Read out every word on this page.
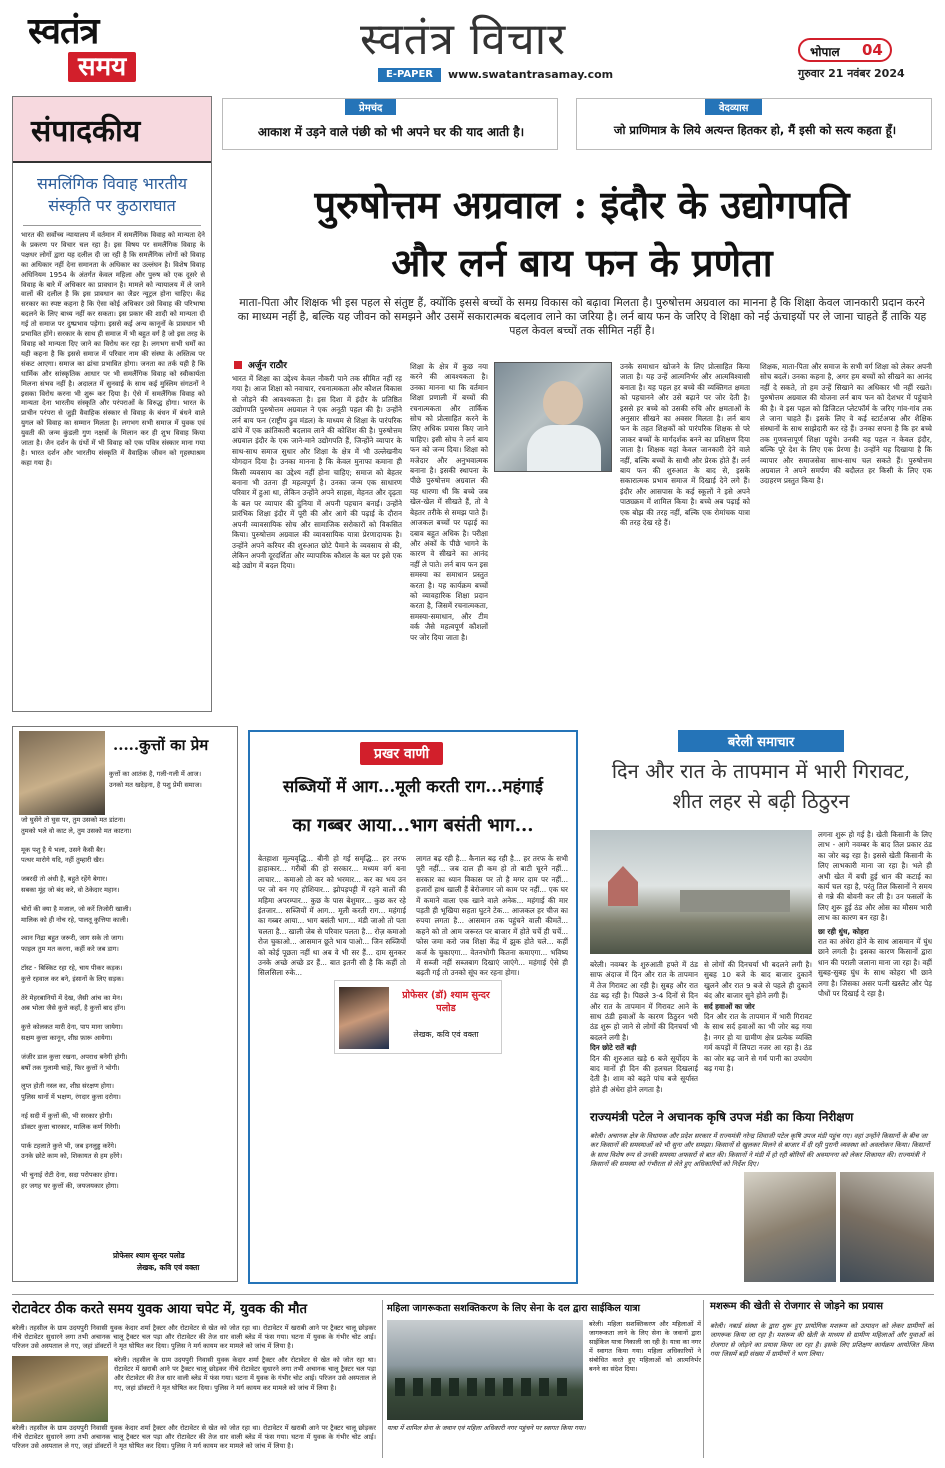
स्वतंत्र
समय
स्वतंत्र विचार
E-PAPER	www.swatantrasamay.com
भोपाल 04
गुरुवार 21 नवंबर 2024
संपादकीय
समलिंगिक विवाह भारतीय संस्कृति पर कुठाराघात
भारत की सर्वोच्च न्यायालय में वर्तमान में समलैंगिक विवाह को मान्यता देने के प्रकरण पर विचार चल रहा है। इस विषय पर समलैंगिक विवाह के पक्षधर लोगों द्वारा यह दलील दी जा रही है कि समलैंगिक लोगों को विवाह का अधिकार नहीं देना समानता के अधिकार का उल्लंघन है। विशेष विवाह अधिनियम 1954 के अंतर्गत केवल महिला और पुरुष को एक दूसरे से विवाह के बारे में अधिकार का प्रावधान है। मामले को न्यायालय में ले जाने वालों की दलील है कि इस प्रावधान का जैडर न्यूट्रल होना चाहिए। केंद्र सरकार का स्पष्ट कहना है कि ऐसा कोई अधिकार उसे विवाह की परिभाषा बदलने के लिए बाध्य नहीं कर सकता। इस प्रकार की शादी को मान्यता दी गई तो समाज पर दुष्प्रभाव पड़ेगा। इससे कई अन्य कानूनों के प्रावधान भी प्रभावित होंगे। सरकार के साथ ही समाज में भी बहुत वर्ग है जो इस तरह के विवाह को मान्यता दिए जाने का विरोध कर रहा है। लगभग सभी धर्मों का यही कहना है कि इससे समाज में परिवार नाम की संस्था के अस्तित्व पर संकट आएगा। समाज का ढांचा प्रभावित होगा। जनता का तर्क यही है कि धार्मिक और सांस्कृतिक आधार पर भी समलैंगिक विवाह को स्वीकार्यता मिलना संभव नहीं है। अदालत में सुनवाई के साथ कई मुस्लिम संगठनों ने इसका विरोध करना भी शुरू कर दिया है। ऐसे में समलैंगिक विवाह को मान्यता देना भारतीय संस्कृति और परंपराओं के विरुद्ध होगा। भारत के प्राचीन परंपरा से जुड़ी वैवाहिक संस्कार से विवाह के बंधन में बंधने वाले युगल को विवाह का सम्मान मिलता है। लगभग सभी समाज में युवक एवं युवती की जन्म कुंडली गुण नक्षत्रों के मिलान कर ही शुभ विवाह किया जाता है। जैन दर्शन के ग्रंथों में भी विवाह को एक पवित्र संस्कार माना गया है। भारत दर्शन और भारतीय संस्कृति में वैवाहिक जीवन को गृहस्थाश्रम कहा गया है।
प्रेमचंद
आकाश में उड़ने वाले पंछी को भी अपने घर की याद आती है।
वेदव्यास
जो प्राणिमात्र के लिये अत्यन्त हितकर हो, मैं इसी को सत्य कहता हूँ।
पुरुषोत्तम अग्रवाल : इंदौर के उद्योगपति
और लर्न बाय फन के प्रणेता
माता-पिता और शिक्षक भी इस पहल से संतुष्ट हैं, क्योंकि इससे बच्चों के समग्र विकास को बढ़ावा मिलता है। पुरुषोत्तम अग्रवाल का मानना है कि शिक्षा केवल जानकारी प्रदान करने का माध्यम नहीं है, बल्कि यह जीवन को समझने और उसमें सकारात्मक बदलाव लाने का जरिया है। लर्न बाय फन के जरिए वे शिक्षा को नई ऊंचाइयों पर ले जाना चाहते हैं ताकि यह पहल केवल बच्चों तक सीमित नहीं है।
अर्जुन राठौर
भारत में शिक्षा का उद्देश्य केवल नौकरी पाने तक सीमित नहीं रह गया है। आज शिक्षा को नवाचार, रचनात्मकता और कौशल विकास से जोड़ने की आवश्यकता है। इस दिशा में इंदौर के प्रतिष्ठित उद्योगपति पुरुषोत्तम अग्रवाल ने एक अनूठी पहल की है। उन्होंने लर्न बाय फन (राष्ट्रीय ढ्रुव मंडल) के माध्यम से शिक्षा के पारंपरिक ढांचे में एक क्रांतिकारी बदलाव लाने की कोशिश की है। पुरुषोत्तम अग्रवाल इंदौर के एक जाने-माने उद्योगपति हैं, जिन्होंने व्यापार के साथ-साथ समाज सुधार और शिक्षा के क्षेत्र में भी उल्लेखनीय योगदान दिया है। उनका मानना है कि केवल मुनाफा कमाना ही किसी व्यवसाय का उद्देश्य नहीं होना चाहिए; समाज को बेहतर बनाना भी उतना ही महत्वपूर्ण है। उनका जन्म एक साधारण परिवार में हुआ था, लेकिन उन्होंने अपने साहस, मेहनत और दृढ़ता के बल पर व्यापार की दुनिया में अपनी पहचान बनाई। उन्होंने प्रारंभिक शिक्षा इंदौर में पूरी की और आगे की पढ़ाई के दौरान अपनी व्यावसायिक सोच और सामाजिक सरोकारों को विकसित किया। पुरुषोत्तम अग्रवाल की व्यावसायिक यात्रा प्रेरणादायक है। उन्होंने अपने करियर की शुरुआत छोटे पैमाने के व्यवसाय से की, लेकिन अपनी दूरदर्शिता और व्यापारिक कौशल के बल पर इसे एक बड़े उद्योग में बदल दिया।
शिक्षा के क्षेत्र में कुछ नया करने की आवश्यकता है। उनका मानना था कि वर्तमान शिक्षा प्रणाली में बच्चों की रचनात्मकता और तार्किक सोच को प्रोत्साहित करने के लिए अधिक प्रयास किए जाने चाहिए। इसी सोच ने लर्न बाय फन को जन्म दिया। शिक्षा को मजेदार और अनुभवात्मक बनाना है। इसकी स्थापना के पीछे पुरुषोत्तम अग्रवाल की यह धारणा थी कि बच्चे जब खेल-खेल में सीखते हैं, तो वे बेहतर तरीके से समझ पाते हैं। आजकल बच्चों पर पढ़ाई का दबाव बहुत अधिक है। परीक्षा और अंकों के पीछे भागने के कारण वे सीखने का आनंद नहीं ले पाते। लर्न बाय फन इस समस्या का समाधान प्रस्तुत करता है। यह कार्यक्रम बच्चों को व्यावहारिक शिक्षा प्रदान करता है, जिसमें रचनात्मकता, समस्या-समाधान, और टीम वर्क जैसे महत्वपूर्ण कौशलों पर जोर दिया जाता है।
उनके समाधान खोजने के लिए प्रोत्साहित किया जाता है। यह उन्हें आत्मनिर्भर और आत्मविश्वासी बनाता है। यह पहल हर बच्चे की व्यक्तिगत क्षमता को पहचानने और उसे बढ़ाने पर जोर देती है। इससे हर बच्चे को उसकी रुचि और क्षमताओं के अनुसार सीखने का अवसर मिलता है। लर्न बाय फन के तहत शिक्षकों को पारंपरिक शिक्षक से परे जाकर बच्चों के मार्गदर्शक बनने का प्रशिक्षण दिया जाता है। शिक्षक यहां केवल जानकारी देने वाले नहीं, बल्कि बच्चों के साथी और प्रेरक होते हैं। लर्न बाय फन की शुरुआत के बाद से, इसके सकारात्मक प्रभाव समाज में दिखाई देने लगे हैं। इंदौर और आसपास के कई स्कूलों ने इसे अपने पाठ्यक्रम में शामिल किया है। बच्चे अब पढ़ाई को एक बोझ की तरह नहीं, बल्कि एक रोमांचक यात्रा की तरह देख रहे हैं।
शिक्षक, माता-पिता और समाज के सभी वर्ग शिक्षा को लेकर अपनी सोच बदलें। उनका कहना है, अगर हम बच्चों को सीखने का आनंद नहीं दे सकते, तो हम उन्हें सिखाने का अधिकार भी नहीं रखते। पुरुषोत्तम अग्रवाल की योजना लर्न बाय फन को देशभर में पहुंचाने की है। वे इस पहल को डिजिटल प्लेटफॉर्म के जरिए गांव-गांव तक ले जाना चाहते हैं। इसके लिए वे कई स्टार्टअप्स और शैक्षिक संस्थानों के साथ साझेदारी कर रहे हैं। उनका सपना है कि हर बच्चे तक गुणवत्तापूर्ण शिक्षा पहुंचे। उनकी यह पहल न केवल इंदौर, बल्कि पूरे देश के लिए एक प्रेरणा है। उन्होंने यह दिखाया है कि व्यापार और समाजसेवा साथ-साथ चल सकते हैं। पुरुषोत्तम अग्रवाल ने अपने समर्पण की बदौलत हर किसी के लिए एक उदाहरण प्रस्तुत किया है।
.....कुत्तों का प्रेम
कुत्तों का आतंक है, गली-गली में आज।
उनको मत खदेड़ना, है पशु प्रेमी समाज।
जो घुसेंगे तो घुस पर, तुम उसको मत डांटना।
तुमको भले वो काट ले, तुम उसको मत काटना।
मूक पशु है ये भला, उसने कैसी बैर।
पत्थर मारोगे यदि, नहीं तुम्हारी खैर।
जबरदी तो अंधी है, बहुते रहेंगे बेगार।
सबका मूंह जो बंद करे, वो ठेकेदार महान।
चोरों की क्या है मजाल, जो करें तिजोरी खाली।
मालिक को ही नोच रहे, पालतू कुत्तिया काली।
श्वान निद्रा बहुत जरूरी, जाग सके तो जाग।
फाइल तुम मत करना, कहीं करे जब डाग।
टॉस्ट - बिस्किट रहा रहे, चाय पीकर कड़क।
कुत्ते रहवाल कर बने, इंसानों के लिए सड़क।
तेरे मेहरबानियों में देख, जैसी आंच का मेन।
अब भोला जैसे कुत्ते कहाँ, है कुत्तों बाद हाँन।
कुत्ते कोलकत मारी देना, पाप माना जायेगा।
सक्षम कुत्ता कानून, शीघ्र फ़ारू आयेगा।
जंजीर डाल कुत्ता रखना, अपराध बनेगी होगी।
बर्षों तक गुलामी चाहें, फिर कुत्तों ने भोगी।
लुप्त होती नस्ल का, शीघ्र संरक्षण होगा।
पुलिस थानों में भक्षण, रंगदार कुत्ता दरोगा।
नई सदी में कुत्तों की, भी सरकार होगी।
डॉक्टर कुत्ता चारकार, मालिक कर्ण गिरेगी।
पार्क टहलाते कुत्ते भी, जब इनलुड्ड करेंगे।
उनके छोटे काम को, शिकायत से हम हरेंगे।
भी चुनाई रोटी देना, सदा परोपकार होगा।
हर जगह घर कुत्तों की, जयजयकार होगा।
प्रोफेसर श्याम सुन्दर पलोड
लेखक, कवि एवं वक्ता
प्रखर वाणी
सब्जियों में आग...मूली करती राग...महंगाई
का गब्बर आया...भाग बसंती भाग...
बेतहाशा मूल्यवृद्धि... बीनी हो गई समृद्धि... हर तरफ हाहाकार... गरीबों की हो सरकार... मध्यम वर्ग बना लाचार... कमाओ तो कर को भरमार... कर का भय उन पर जो बन गए होशियार... झोपड़पट्टी में रहने वालों की महिमा अपरम्पार... कुछ के पास बेशुमार... कुछ कर रहे इंतजार... सब्जियों में आग... मूली करती राग... महंगाई का गब्बर आया... भाग बसंती भाग... मंडी जाओ तो पता चलता है... खाली जेब से परिवार पलता है... रोज़ कमाओ रोज चुकाओ... आसमान छूते भाव पाओ... जिन सब्जियों को कोई पूछता नहीं था अब वे भी सर हैं... दाम सुनकर उनके अच्छे अच्छे डर हैं... बात इतनी सी है कि कहीं तो सिलसिला रुके...
लागत बढ़ रही है... कैनाल बढ़ रही है... हर तरफ के सभी पूरी नहीं... जब दाल ही कम हो तो बाटी चूरने नहीं... सरकार का ध्यान विकास पर तो है मगर दाम पर नहीं... हजारों हाथ खाली हैं बेरोजगार जो काम पर नहीं... एक घर में कमाने वाला एक खाने वाले अनेक... महंगाई की मार पड़ती ही भूखिया सहता घुटने टेक... आजकल हर चीज का रुपया लगता है... आसमान तक पहुंचने वाली कीमतें... कहने को तो आम जरूरत पर बाजार में होते चर्चे ही चर्चे... फोस जमा करो जब शिक्षा केंद्र में झुक होते चले... कहीं कर्ज के चुकाएगा... वेतनभोगी कितना कमाएगा... भविष्य में सब्जी नहीं सब्जबाग दिखाएं जाएंगे... महंगाई ऐसे ही बढ़ती गई तो उनको सूंघ कर रहना होगा।
प्रोफेसर (डॉ) श्याम सुन्दर पलोड
लेखक, कवि एवं वक्ता
बरेली समाचार
दिन और रात के तापमान में भारी गिरावट, शीत लहर से बढ़ी ठिठुरन
लगना शुरू हो गई है। खेती किसानी के लिए लाभ - आगे नवम्बर के बाद तिल प्रकार ठंड का जोर बढ़ रहा है। इससे खेती किसानी के लिए लाभकारी माना जा रहा है। भले ही अभी खेत में बची हुई धान की कटाई का कार्य चल रहा है, परंतु तिल किसानों ने समय से गन्ने की बोवनी कर ली है। उन फसलों के लिए शुरू हुई ठंड और ओस का मौसम भारी लाभ का कारण बन रहा है।
छा रही धुंध, कोहरा
रात का अंधेरा होने के साथ आसमान में घुंध छाने लगती है। इसका कारण किसानों द्वारा धान की पराली जलाना माना जा रहा है। वहीं सुबह-सुबह घुंध के साथ कोहरा भी छाने लगा है। जिसका असर पत्नी खस्लैट और पेड़ पौधों पर दिखाई दे रहा है।
बरेली। नवम्बर के शुरुआती हफ्ते में ठंड साफ अंदाज में दिन और रात के तापमान में तेज गिरावट आ रही है। सुबह और रात ठंड बढ़ रही है। पिछले 3-4 दिनों से दिन और रात के तापमान में गिरावट आने के साथ ठंडी हवाओं के कारण ठिठुरन भरी ठंड शुरू हो जाने से लोगों की दिनचर्या भी बदलने लगी है।
दिन छोटे रातें बड़ी
दिन की शुरुआत खड़े 6 बजे सूर्योदय के बाद मानों ही दिन की हलचल दिखलाई देती है। शाम को बढ़ते पांच बजे सूर्यास्त होते ही अंधेरा होने लगता है।
से लोगों की दिनचर्या भी बदलने लगी है। सुबह 10 बजे के बाद बाजार दुकानें खुलने और रात 9 बजे से पहले ही दुकानें बंद और बाजार सुने होने लगी हैं।
सर्द हवाओं का जोर
दिन और रात के तापमान में भारी गिरावट के साथ सर्द हवाओं का भी जोर बढ़ गया है। नगर हो या ग्रामीण क्षेत्र प्रत्येक व्यक्ति गर्म कपड़ों में लिपटा नजर आ रहा है। ठंड का जोर बढ़ जाने से गर्म पानी का उपयोग बढ़ गया है।
राज्यमंत्री पटेल ने अचानक कृषि उपज मंडी का किया निरीक्षण
बरेली। अचानक क्षेत्र के विधायक और प्रदेश सरकार में राज्यमंत्री नरेन्द्र शिवाजी पटेल कृषि उपज मंडी पहुंच गए। वहां उन्होंने किसानों के बीच जा कर किसानों की समस्याओं को भी सुना और समझा। किसानों से खुलकर मिलने से बाजार में दी रही पुरानी व्यवस्था को अवलोकन किया। किसानों के साथ विशेष रूप से उनकी समस्या अफसरों से बात की। किसानों ने मंडी में हो रही बोरियों की अवमानना को लेकर शिकायत की। राज्यमंत्री ने किसानों की समस्या को गंभीरता से लेते हुए अधिकारियों को निर्देश दिए।
रोटावेटर ठीक करते समय युवक आया चपेट में, युवक की मौत
बरेली। तहसील के ग्राम उदयपुरी निवासी युवक केदार शर्मा ट्रैक्टर और रोटावेटर से खेत को जोत रहा था। रोटावेटर में खराबी आने पर ट्रैक्टर चालू छोड़कर नीचे रोटावेटर सुधारने लगा तभी अचानक चालू ट्रैक्टर चल पड़ा और रोटावेटर की तेज धार वाली ब्लेड में फंस गया। घटना में युवक के गंभीर चोट आई। परिजन उसे अस्पताल ले गए, जहां डॉक्टरों ने मृत घोषित कर दिया। पुलिस ने मर्ग कायम कर मामले को जांच में लिया है।
बरेली। तहसील के ग्राम उदयपुरी निवासी युवक केदार शर्मा ट्रैक्टर और रोटावेटर से खेत को जोत रहा था। रोटावेटर में खराबी आने पर ट्रैक्टर चालू छोड़कर नीचे रोटावेटर सुधारने लगा तभी अचानक चालू ट्रैक्टर चल पड़ा और रोटावेटर की तेज धार वाली ब्लेड में फंस गया। घटना में युवक के गंभीर चोट आई। परिजन उसे अस्पताल ले गए, जहां डॉक्टरों ने मृत घोषित कर दिया। पुलिस ने मर्ग कायम कर मामले को जांच में लिया है।
बरेली। तहसील के ग्राम उदयपुरी निवासी युवक केदार शर्मा ट्रैक्टर और रोटावेटर से खेत को जोत रहा था। रोटावेटर में खराबी आने पर ट्रैक्टर चालू छोड़कर नीचे रोटावेटर सुधारने लगा तभी अचानक चालू ट्रैक्टर चल पड़ा और रोटावेटर की तेज धार वाली ब्लेड में फंस गया। घटना में युवक के गंभीर चोट आई। परिजन उसे अस्पताल ले गए, जहां डॉक्टरों ने मृत घोषित कर दिया। पुलिस ने मर्ग कायम कर मामले को जांच में लिया है।
महिला जागरूकता सशक्तिकरण के लिए सेना के दल द्वारा साईकिल यात्रा
बरेली। महिला सशक्तिकरण और महिलाओं में जागरूकता लाने के लिए सेना के जवानों द्वारा साईकिल यात्रा निकाली जा रही है। यात्रा का नगर में स्वागत किया गया। महिला अधिकारियों ने संबोधित करते हुए महिलाओं को आत्मनिर्भर बनने का संदेश दिया।
यात्रा में शामिल सेना के जवान एवं महिला अधिकारी नगर पहुंचने पर स्वागत किया गया।
मशरूम की खेती से रोजगार से जोड़ने का प्रयास
बरेली। नबार्ड संस्था के द्वारा शुरू हुए प्रायोगिक मशरूम को उत्पादन को लेकर ग्रामीणों को जागरूक किया जा रहा है। मशरूम की खेती के माध्यम से ग्रामीण महिलाओं और युवाओं को रोजगार से जोड़ने का प्रयास किया जा रहा है। इसके लिए प्रशिक्षण कार्यक्रम आयोजित किया गया जिसमें बड़ी संख्या में ग्रामीणों ने भाग लिया।
